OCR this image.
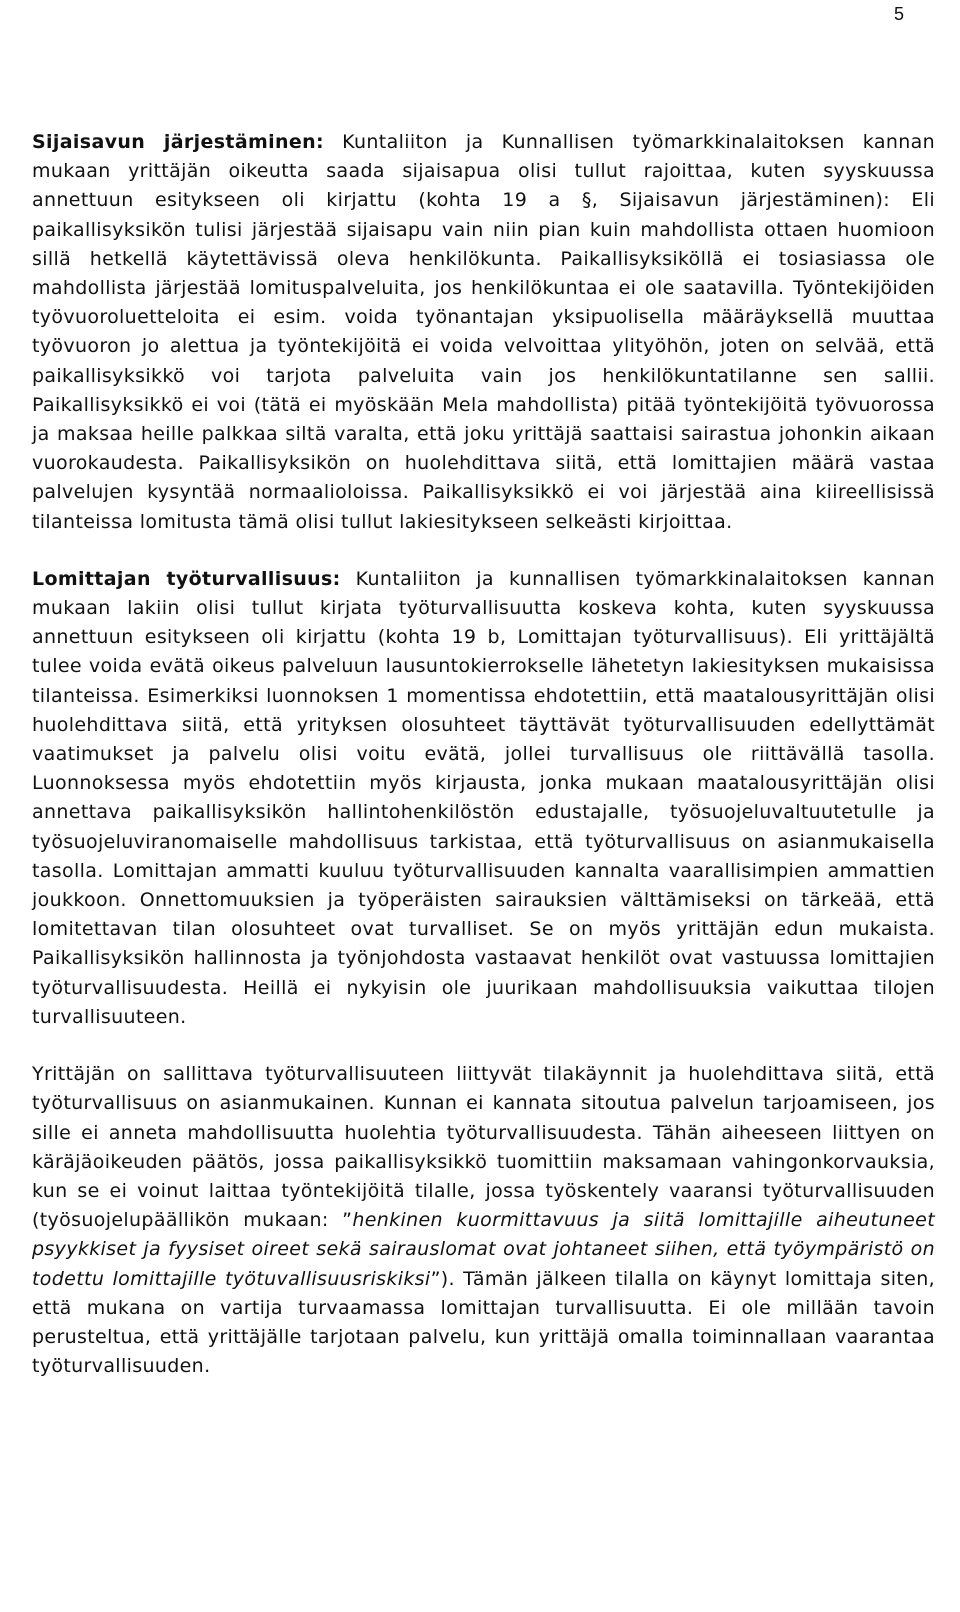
5

Sijaisavun järjestäminen: Kuntaliiton ja Kunnallisen työmarkkinalaitoksen kannan mukaan yrittäjän oikeutta saada sijaisapua olisi tullut rajoittaa, kuten syyskuussa annettuun esitykseen oli kirjattu (kohta 19 a §, Sijaisavun järjestäminen): Eli paikallisyksikön tulisi järjestää sijaisapu vain niin pian kuin mahdollista ottaen huomioon sillä hetkellä käytettävissä oleva henkilökunta. Paikallisyksiköllä ei tosiasiassa ole mahdollista järjestää lomituspalveluita, jos henkilökuntaa ei ole saatavilla. Työntekijöiden työvuoroluetteloita ei esim. voida työnantajan yksipuolisella määräyksellä muuttaa työvuoron jo alettua ja työntekijöitä ei voida velvoittaa ylityöhön, joten on selvää, että paikallisyksikkö voi tarjota palveluita vain jos henkilökuntatilanne sen sallii. Paikallisyksikkö ei voi (tätä ei myöskään Mela mahdollista) pitää työntekijöitä työvuorossa ja maksaa heille palkkaa siltä varalta, että joku yrittäjä saattaisi sairastua johonkin aikaan vuorokaudesta. Paikallisyksikön on huolehdittava siitä, että lomittajien määrä vastaa palvelujen kysyntää normaalioloissa. Paikallisyksikkö ei voi järjestää aina kiireellisissä tilanteissa lomitusta tämä olisi tullut lakiesitykseen selkeästi kirjoittaa.

Lomittajan työturvallisuus: Kuntaliiton ja kunnallisen työmarkkinalaitoksen kannan mukaan lakiin olisi tullut kirjata työturvallisuutta koskeva kohta, kuten syyskuussa annettuun esitykseen oli kirjattu (kohta 19 b, Lomittajan työturvallisuus). Eli yrittäjältä tulee voida evätä oikeus palveluun lausuntokierrokselle lähetetyn lakiesityksen mukaisissa tilanteissa. Esimerkiksi luonnoksen 1 momentissa ehdotettiin, että maatalousyrittäjän olisi huolehdittava siitä, että yrityksen olosuhteet täyttävät työturvallisuuden edellyttämät vaatimukset ja palvelu olisi voitu evätä, jollei turvallisuus ole riittävällä tasolla. Luonnoksessa myös ehdotettiin myös kirjausta, jonka mukaan maatalousyrittäjän olisi annettava paikallisyksikön hallintohenkilöstön edustajalle, työsuojeluvaltuutetulle ja työsuojeluviranomaiselle mahdollisuus tarkistaa, että työturvallisuus on asianmukaisella tasolla. Lomittajan ammatti kuuluu työturvallisuuden kannalta vaarallisimpien ammattien joukkoon. Onnettomuuksien ja työperäisten sairauksien välttämiseksi on tärkeää, että lomitettavan tilan olosuhteet ovat turvalliset. Se on myös yrittäjän edun mukaista. Paikallisyksikön hallinnosta ja työnjohdosta vastaavat henkilöt ovat vastuussa lomittajien työturvallisuudesta. Heillä ei nykyisin ole juurikaan mahdollisuuksia vaikuttaa tilojen turvallisuuteen.

Yrittäjän on sallittava työturvallisuuteen liittyvät tilakäynnit ja huolehdittava siitä, että työturvallisuus on asianmukainen. Kunnan ei kannata sitoutua palvelun tarjoamiseen, jos sille ei anneta mahdollisuutta huolehtia työturvallisuudesta. Tähän aiheeseen liittyen on käräjäoikeuden päätös, jossa paikallisyksikkö tuomittiin maksamaan vahingonkorvauksia, kun se ei voinut laittaa työntekijöitä tilalle, jossa työskentely vaaransi työturvallisuuden (työsuojelupäällikön mukaan: ”henkinen kuormittavuus ja siitä lomittajille aiheutuneet psyykkiset ja fyysiset oireet sekä sairauslomat ovat johtaneet siihen, että työympäristö on todettu lomittajille työtuvallisuusriskiksi”). Tämän jälkeen tilalla on käynyt lomittaja siten, että mukana on vartija turvaamassa lomittajan turvallisuutta. Ei ole millään tavoin perusteltua, että yrittäjälle tarjotaan palvelu, kun yrittäjä omalla toiminnallaan vaarantaa työturvallisuuden.
